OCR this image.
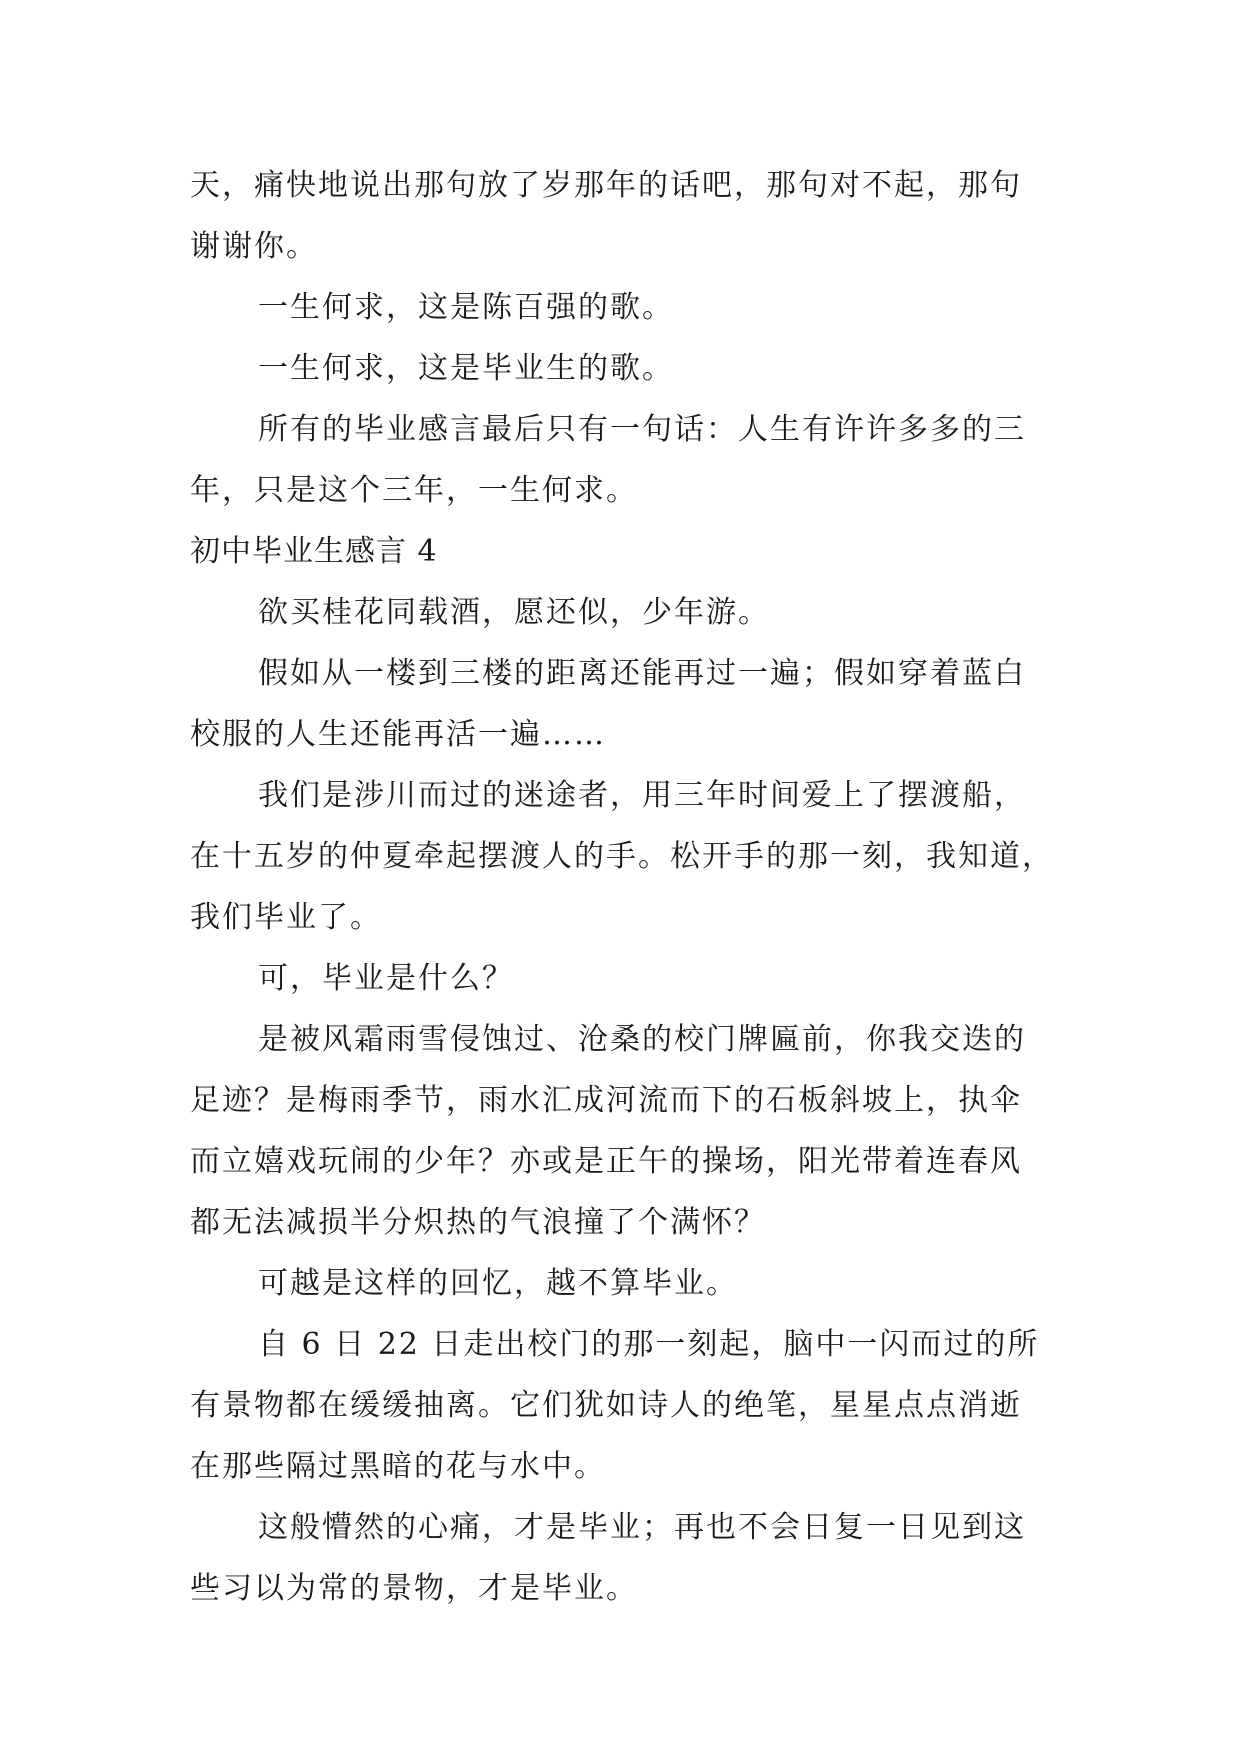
天，痛快地说出那句放了岁那年的话吧，那句对不起，那句
谢谢你。
一生何求，这是陈百强的歌。
一生何求，这是毕业生的歌。
所有的毕业感言最后只有一句话：人生有许许多多的三
年，只是这个三年，一生何求。
初中毕业生感言 4
欲买桂花同载酒，愿还似，少年游。
假如从一楼到三楼的距离还能再过一遍；假如穿着蓝白
校服的人生还能再活一遍……
我们是涉川而过的迷途者，用三年时间爱上了摆渡船，
在十五岁的仲夏牵起摆渡人的手。松开手的那一刻，我知道，
我们毕业了。
可，毕业是什么？
是被风霜雨雪侵蚀过、沧桑的校门牌匾前，你我交迭的
足迹？是梅雨季节，雨水汇成河流而下的石板斜坡上，执伞
而立嬉戏玩闹的少年？亦或是正午的操场，阳光带着连春风
都无法减损半分炽热的气浪撞了个满怀？
可越是这样的回忆，越不算毕业。
自 6 日 22 日走出校门的那一刻起，脑中一闪而过的所
有景物都在缓缓抽离。它们犹如诗人的绝笔，星星点点消逝
在那些隔过黑暗的花与水中。
这般懵然的心痛，才是毕业；再也不会日复一日见到这
些习以为常的景物，才是毕业。
